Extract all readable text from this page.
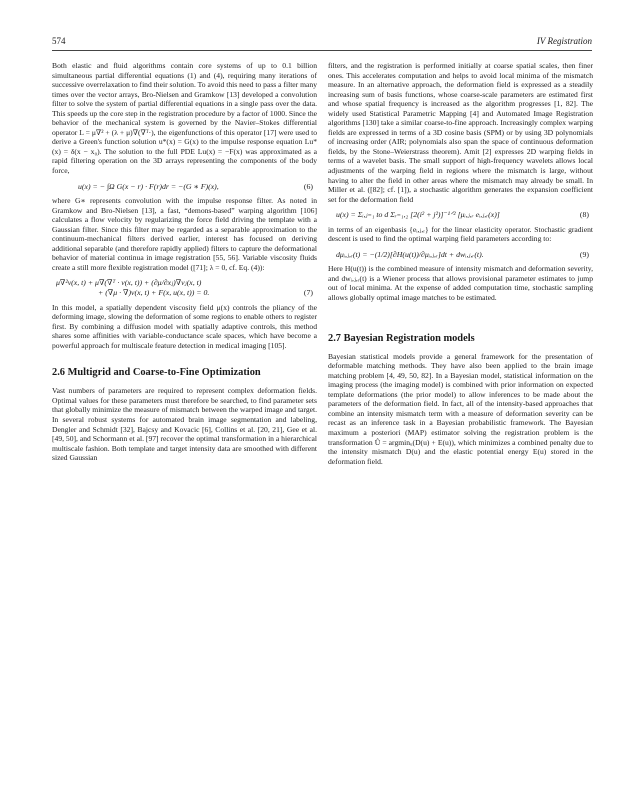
574	IV Registration

Both elastic and fluid algorithms contain core systems of up to 0.1 billion simultaneous partial differential equations (1) and (4), requiring many iterations of successive overrelaxation to find their solution. To avoid this need to pass a filter many times over the vector arrays, Bro-Nielsen and Gramkow [13] developed a convolution filter to solve the system of partial differential equations in a single pass over the data. This speeds up the core step in the registration procedure by a factor of 1000. Since the behavior of the mechanical system is governed by the Navier–Stokes differential operator L = μ∇² + (λ + μ)∇(∇ᵀ·), the eigenfunctions of this operator [17] were used to derive a Green's function solution u*(x) = G(x) to the impulse response equation Lu*(x) = δ(x − x₀). The solution to the full PDE Lu(x) = −F(x) was approximated as a rapid filtering operation on the 3D arrays representing the components of the body force,

u(x) = − ∫Ω G(x − r) · F(r)dr = −(G ∗ F)(x),	(6)

where G∗ represents convolution with the impulse response filter. As noted in Gramkow and Bro-Nielsen [13], a fast, “demons-based” warping algorithm [106] calculates a flow velocity by regularizing the force field driving the template with a Gaussian filter. Since this filter may be regarded as a separable approximation to the continuum-mechanical filters derived earlier, interest has focused on deriving additional separable (and therefore rapidly applied) filters to capture the deformational behavior of material continua in image registration [55, 56]. Variable viscosity fluids create a still more flexible registration model ([71]; λ = 0, cf. Eq. (4)):

μ∇²v(x, t) + μ∇(∇ᵀ · v(x, t)) + (∂μ/∂xⱼ)∇vⱼ(x, t)
+ (∇μ · ∇)v(x, t) + F(x, u(x, t)) = 0.	(7)

In this model, a spatially dependent viscosity field μ(x) controls the pliancy of the deforming image, slowing the deformation of some regions to enable others to register first. By combining a diffusion model with spatially adaptive controls, this method shares some affinities with variable-conductance scale spaces, which have become a powerful approach for multiscale feature detection in medical imaging [105].

2.6 Multigrid and Coarse-to-Fine Optimization

Vast numbers of parameters are required to represent complex deformation fields. Optimal values for these parameters must therefore be searched, to find parameter sets that globally minimize the measure of mismatch between the warped image and target. In several robust systems for automated brain image segmentation and labeling, Dengler and Schmidt [32], Bajcsy and Kovacic [6], Collins et al. [20, 21], Gee et al. [49, 50], and Schormann et al. [97] recover the optimal transformation in a hierarchical multiscale fashion. Both template and target intensity data are smoothed with different sized Gaussian

filters, and the registration is performed initially at coarse spatial scales, then finer ones. This accelerates computation and helps to avoid local minima of the mismatch measure. In an alternative approach, the deformation field is expressed as a steadily increasing sum of basis functions, whose coarse-scale parameters are estimated first and whose spatial frequency is increased as the algorithm progresses [1, 82]. The widely used Statistical Parametric Mapping [4] and Automated Image Registration algorithms [130] take a similar coarse-to-fine approach. Increasingly complex warping fields are expressed in terms of a 3D cosine basis (SPM) or by using 3D polynomials of increasing order (AIR; polynomials also span the space of continuous deformation fields, by the Stone–Weierstrass theorem). Amit [2] expresses 2D warping fields in terms of a wavelet basis. The small support of high-frequency wavelets allows local adjustments of the warping field in regions where the mismatch is large, without having to alter the field in other areas where the mismatch may already be small. In Miller et al. ([82]; cf. [1]), a stochastic algorithm generates the expansion coefficient set for the deformation field

u(x) = Σᵢ,ⱼ₌₁ to d Σᵣ₌₁,₂ [2(i² + j²)]⁻¹ᐟ² [μᵢ,ⱼ,ᵣ eᵢ,ⱼ,ᵣ(x)]	(8)

in terms of an eigenbasis {eᵢ,ⱼ,ᵣ} for the linear elasticity operator. Stochastic gradient descent is used to find the optimal warping field parameters according to:

dμᵢ,ⱼ,ᵣ(t) = −(1/2)[∂H(u(t))/∂μᵢ,ⱼ,ᵣ]dt + dwᵢ,ⱼ,ᵣ(t).	(9)

Here H(u(t)) is the combined measure of intensity mismatch and deformation severity, and dwᵢ,ⱼ,ᵣ(t) is a Wiener process that allows provisional parameter estimates to jump out of local minima. At the expense of added computation time, stochastic sampling allows globally optimal image matches to be estimated.

2.7 Bayesian Registration models

Bayesian statistical models provide a general framework for the presentation of deformable matching methods. They have also been applied to the brain image matching problem [4, 49, 50, 82]. In a Bayesian model, statistical information on the imaging process (the imaging model) is combined with prior information on expected template deformations (the prior model) to allow inferences to be made about the parameters of the deformation field. In fact, all of the intensity-based approaches that combine an intensity mismatch term with a measure of deformation severity can be recast as an inference task in a Bayesian probabilistic framework. The Bayesian maximum a posteriori (MAP) estimator solving the registration problem is the transformation Û = argminᵤ(D(u) + E(u)), which minimizes a combined penalty due to the intensity mismatch D(u) and the elastic potential energy E(u) stored in the deformation field.
